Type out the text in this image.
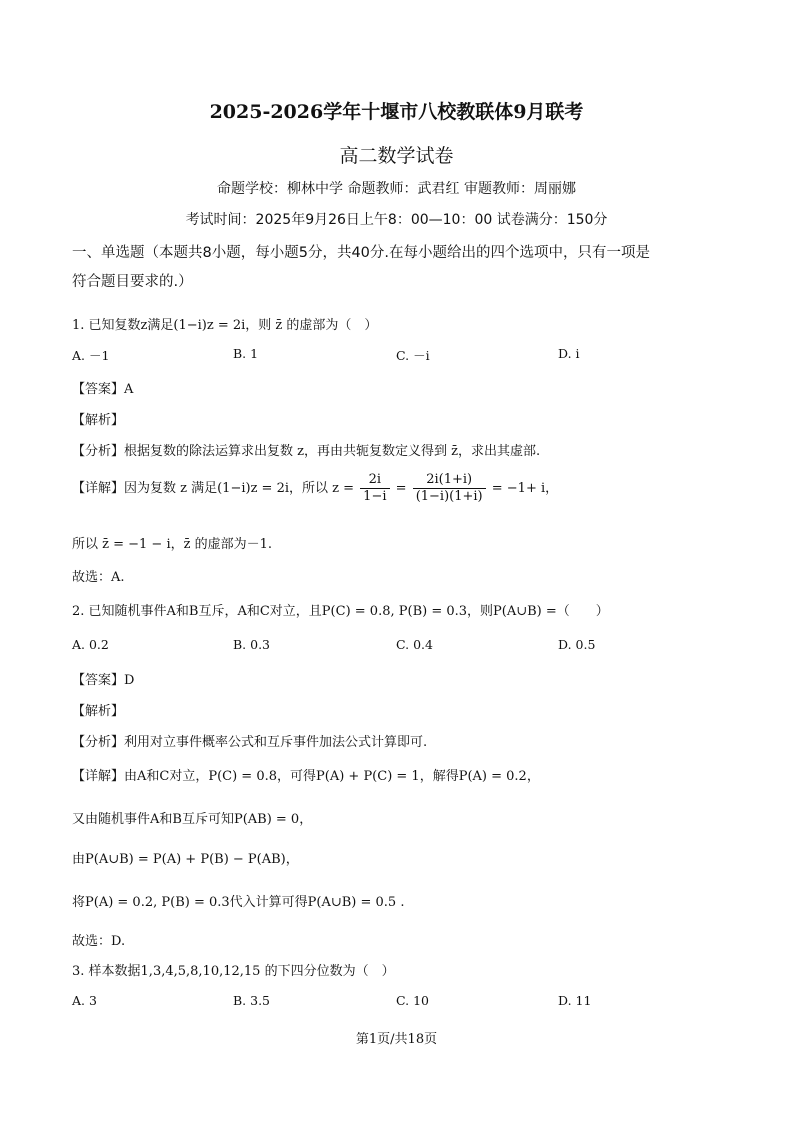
2025-2026学年十堰市八校教联体9月联考
高二数学试卷
命题学校：柳林中学 命题教师：武君红 审题教师：周丽娜
考试时间：2025年9月26日上午8：00—10：00 试卷满分：150分
一、单选题（本题共8小题，每小题5分，共40分.在每小题给出的四个选项中，只有一项是
符合题目要求的.）
1. 已知复数z满足(1−i)z = 2i，则 z̄ 的虚部为（　）
A. －1	B. 1	C. －i	D. i
【答案】A
【解析】
【分析】根据复数的除法运算求出复数 z，再由共轭复数定义得到 z̄，求出其虚部.
【详解】因为复数 z 满足(1−i)z = 2i，所以 $z = \frac{2i}{1-i} = \frac{2i(1+i)}{(1-i)(1+i)} = -1+ i$，
所以 z̄ = −1 − i，z̄ 的虚部为－1.
故选：A.
2. 已知随机事件A和B互斥，A和C对立，且P(C) = 0.8, P(B) = 0.3，则P(A∪B) =（　　）
A. 0.2	B. 0.3	C. 0.4	D. 0.5
【答案】D
【解析】
【分析】利用对立事件概率公式和互斥事件加法公式计算即可.
【详解】由A和C对立，P(C) = 0.8，可得P(A) + P(C) = 1，解得P(A) = 0.2，
又由随机事件A和B互斥可知P(AB) = 0，
由P(A∪B) = P(A) + P(B) − P(AB)，
将P(A) = 0.2, P(B) = 0.3代入计算可得P(A∪B) = 0.5 .
故选：D.
3. 样本数据1,3,4,5,8,10,12,15 的下四分位数为（　）
A. 3	B. 3.5	C. 10	D. 11
第1页/共18页
